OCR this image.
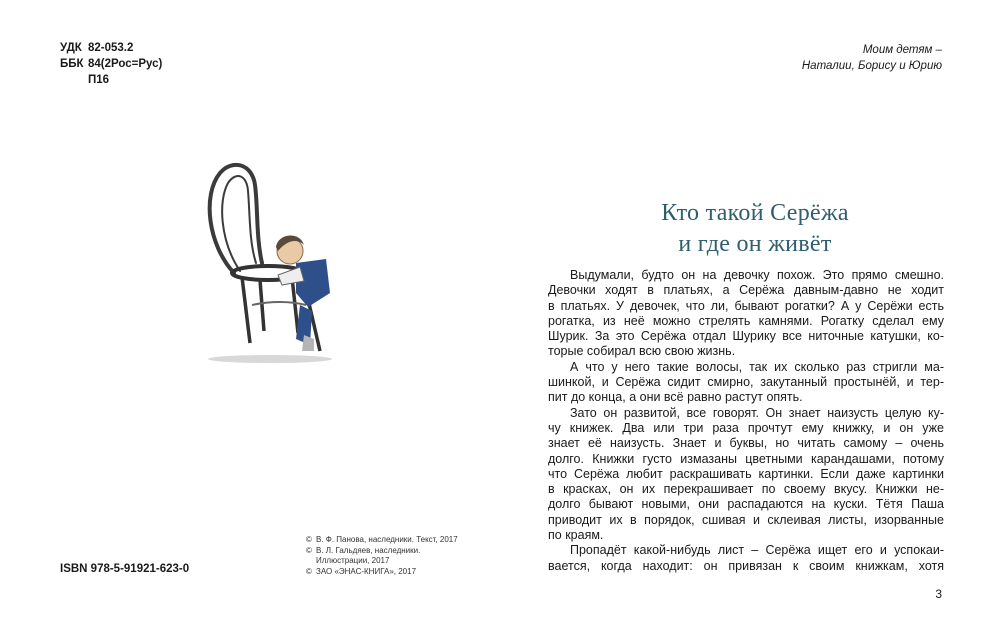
УДК 82-053.2
ББК 84(2Рос=Рус)
П16
© В. Ф. Панова, наследники. Текст, 2017
© В. Л. Гальдяев, наследники.
Иллюстрации, 2017
© ЗАО «ЭНАС-КНИГА», 2017
ISBN 978-5-91921-623-0
Моим детям –
Наталии, Борису и Юрию
Кто такой Серёжа
и где он живёт
Выдумали, будто он на девочку похож. Это прямо смешно.
Девочки ходят в платьях, а Серёжа давным-давно не ходит
в платьях. У девочек, что ли, бывают рогатки? А у Серёжи есть
рогатка, из неё можно стрелять камнями. Рогатку сделал ему
Шурик. За это Серёжа отдал Шурику все ниточные катушки, ко-
торые собирал всю свою жизнь.
А что у него такие волосы, так их сколько раз стригли ма-
шинкой, и Серёжа сидит смирно, закутанный простынёй, и тер-
пит до конца, а они всё равно растут опять.
Зато он развитой, все говорят. Он знает наизусть целую ку-
чу книжек. Два или три раза прочтут ему книжку, и он уже
знает её наизусть. Знает и буквы, но читать самому – очень
долго. Книжки густо измазаны цветными карандашами, потому
что Серёжа любит раскрашивать картинки. Если даже картинки
в красках, он их перекрашивает по своему вкусу. Книжки не-
долго бывают новыми, они распадаются на куски. Тётя Паша
приводит их в порядок, сшивая и склеивая листы, изорванные
по краям.
Пропадёт какой-нибудь лист – Серёжа ищет его и успокаи-
вается, когда находит: он привязан к своим книжкам, хотя
3
